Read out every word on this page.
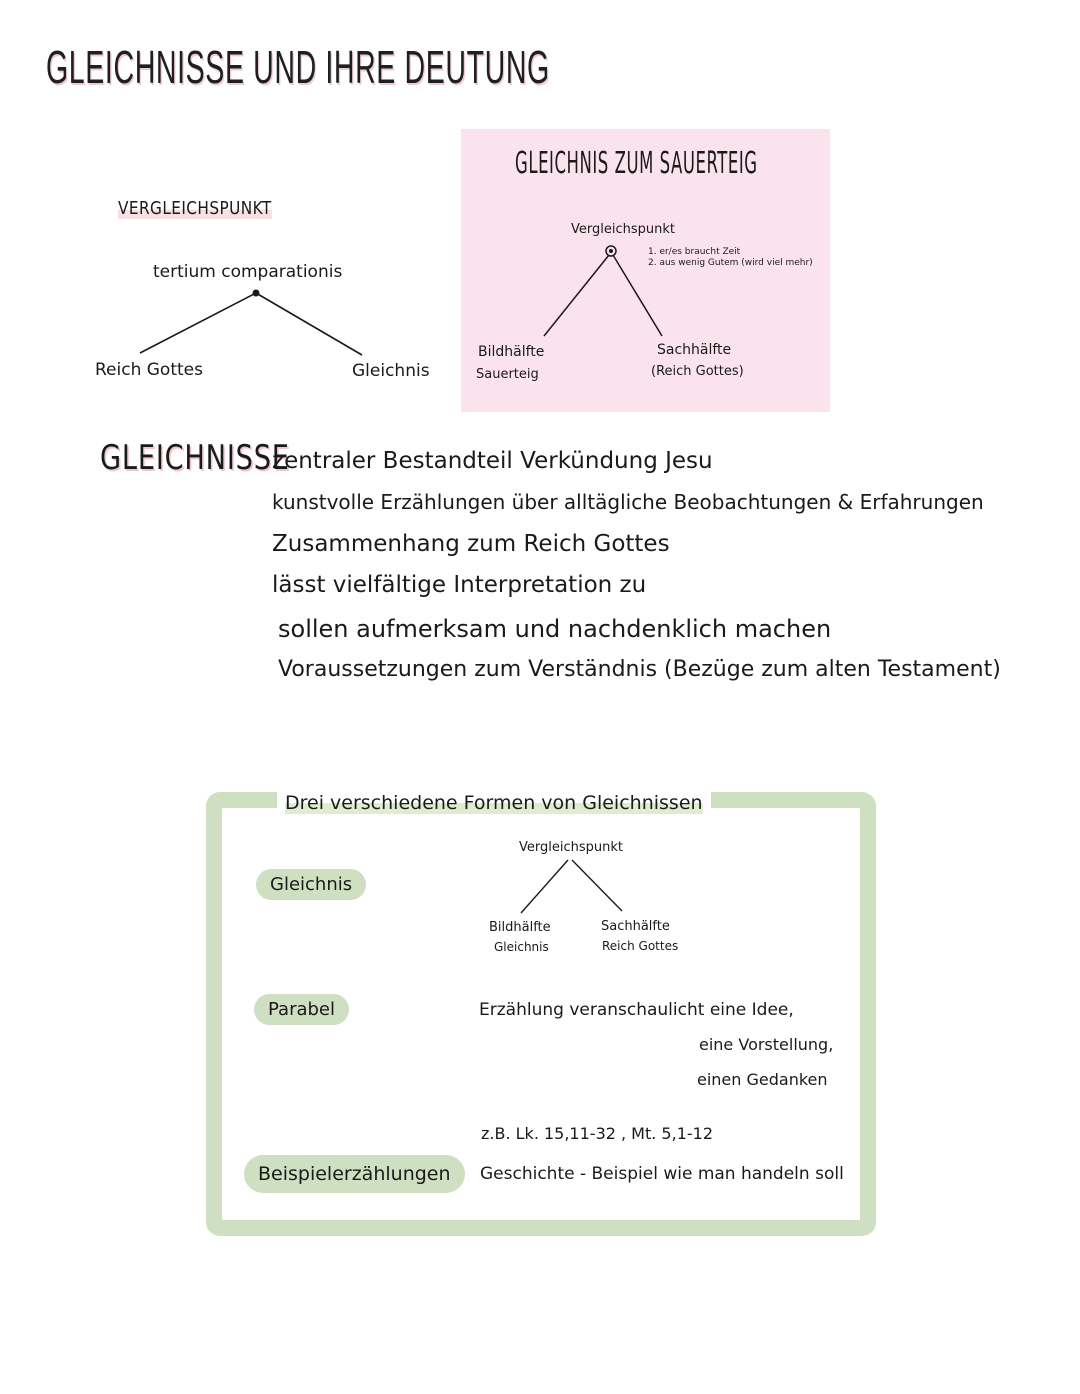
GLEICHNISSE UND IHRE DEUTUNG
VERGLEICHSPUNKT
tertium comparationis
Reich Gottes	Gleichnis
GLEICHNIS ZUM SAUERTEIG
Vergleichspunkt
1. er/es braucht Zeit
2. aus wenig Gutem (wird viel mehr)
Bildhälfte
Sauerteig
Sachhälfte
(Reich Gottes)
GLEICHNISSE
zentraler Bestandteil Verkündung Jesu
kunstvolle Erzählungen über alltägliche Beobachtungen & Erfahrungen
Zusammenhang zum Reich Gottes
lässt vielfältige Interpretation zu
sollen aufmerksam und nachdenklich machen
Voraussetzungen zum Verständnis (Bezüge zum alten Testament)
Drei verschiedene Formen von Gleichnissen
Gleichnis
Vergleichspunkt
Bildhälfte
Gleichnis
Sachhälfte
Reich Gottes
Parabel	Erzählung veranschaulicht eine Idee,
eine Vorstellung,
einen Gedanken
z.B. Lk. 15,11-32 , Mt. 5,1-12
Beispielerzählungen	Geschichte - Beispiel wie man handeln soll
